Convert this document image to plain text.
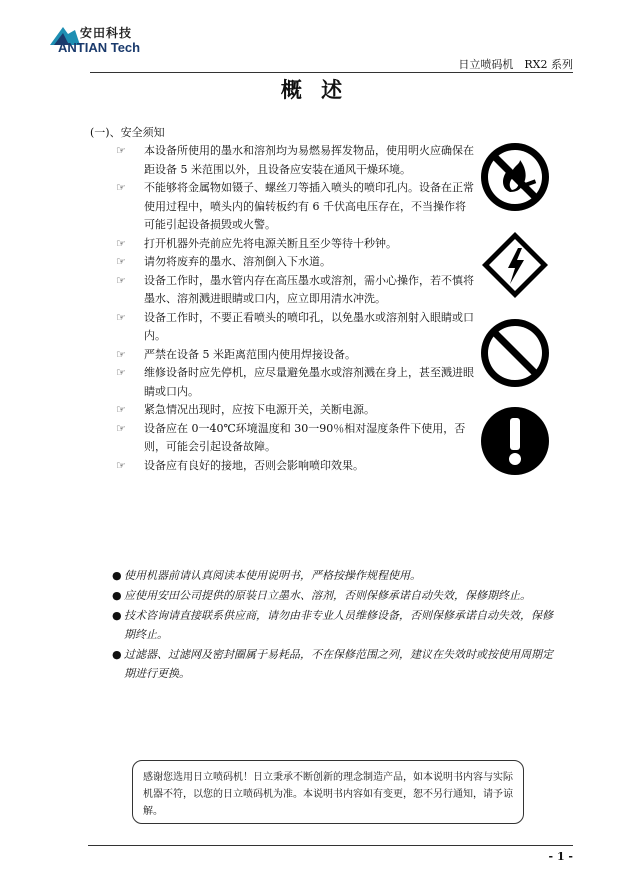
安田科技
ANTIAN Tech
日立喷码机　RX2 系列
概 述
(一)、安全须知
☞	本设备所使用的墨水和溶剂均为易燃易挥发物品，使用明火应确保在距设备 5 米范围以外，且设备应安装在通风干燥环境。
☞	不能够将金属物如镊子、螺丝刀等插入喷头的喷印孔内。设备在正常使用过程中，喷头内的偏转板约有 6 千伏高电压存在，不当操作将可能引起设备损毁或火警。
☞	打开机器外壳前应先将电源关断且至少等待十秒钟。
☞	请勿将废弃的墨水、溶剂倒入下水道。
☞	设备工作时，墨水管内存在高压墨水或溶剂，需小心操作，若不慎将墨水、溶剂溅进眼睛或口内，应立即用清水冲洗。
☞	设备工作时，不要正看喷头的喷印孔，以免墨水或溶剂射入眼睛或口内。
☞	严禁在设备 5 米距离范围内使用焊接设备。
☞	维修设备时应先停机，应尽量避免墨水或溶剂溅在身上，甚至溅进眼睛或口内。
☞	紧急情况出现时，应按下电源开关，关断电源。
☞	设备应在 0一40℃环境温度和 30一90％相对湿度条件下使用，否则，可能会引起设备故障。
☞	设备应有良好的接地，否则会影响喷印效果。
● 使用机器前请认真阅读本使用说明书，严格按操作规程使用。
● 应使用安田公司提供的原装日立墨水、溶剂，否则保修承诺自动失效，保修期终止。
● 技术咨询请直接联系供应商，请勿由非专业人员维修设备，否则保修承诺自动失效，保修期终止。
● 过滤器、过滤网及密封圈属于易耗品，不在保修范围之列，建议在失效时或按使用周期定期进行更换。
感谢您选用日立喷码机！日立秉承不断创新的理念制造产品，如本说明书内容与实际机器不符，以您的日立喷码机为准。本说明书内容如有变更，恕不另行通知，请予谅解。
- 1 -
